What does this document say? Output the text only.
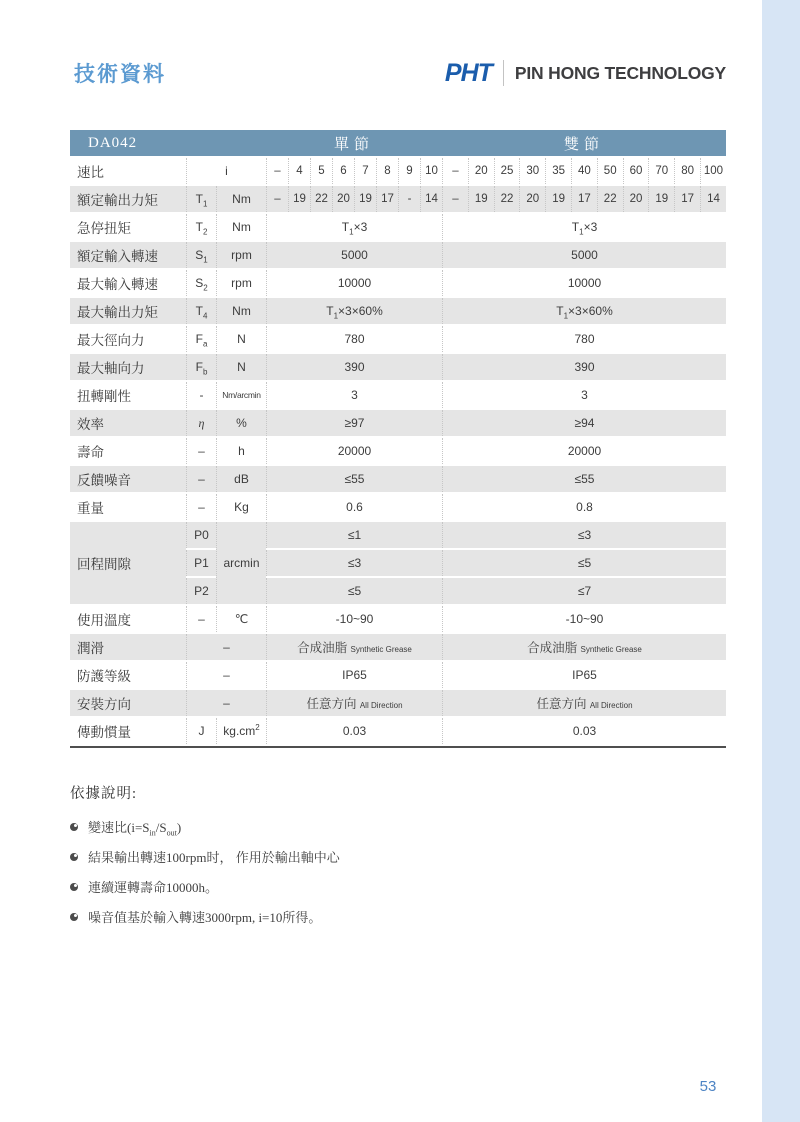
技術資料	PHT PIN HONG TECHNOLOGY
DA042			單節								雙節										
速比	i		–	4	5	6	7	8	9	10	–	20	25	30	35	40	50	60	70	80	100
額定輸出力矩	$T_1$	Nm	–	19	22	20	19	17	-	14	–	19	22	20	19	17	22	20	19	17	14
急停扭矩	$T_2$	Nm	$T_1\times 3$								$T_1\times 3$										
額定輸入轉速	$S_1$	rpm	5000								5000										
最大輸入轉速	$S_2$	rpm	10000								10000										
最大輸出力矩	$T_4$	Nm	$T_1\times 3\times 60\%$								$T_1\times 3\times 60\%$										
最大徑向力	$F_a$	N	780								780										
最大軸向力	$F_b$	N	390								390										
扭轉剛性	-	Nm/arcmin	3								3										
效率	η	%	≥97								≥94										
壽命	–	h	20000								20000										
反饋噪音	–	dB	≤55								≤55										
重量	–	Kg	0.6								0.8										
回程間隙	P0	arcmin	≤1								≤3										
	P1		≤3								≤5										
	P2		≤5								≤7										
使用溫度	–	℃	-10~90								-10~90										
潤滑	–		合成油脂 Synthetic Grease								合成油脂 Synthetic Grease										
防護等級	–		IP65								IP65										
安裝方向	–		任意方向 All Direction								任意方向 All Direction										
傳動慣量	J	$kg.cm^2$	0.03								0.03										
依據說明:
變速比$(i=S_{in}/S_{out})$
結果輸出轉速100rpm时， 作用於輸出軸中心
連續運轉壽命10000h。
噪音值基於輸入轉速3000rpm, i=10所得。
53
